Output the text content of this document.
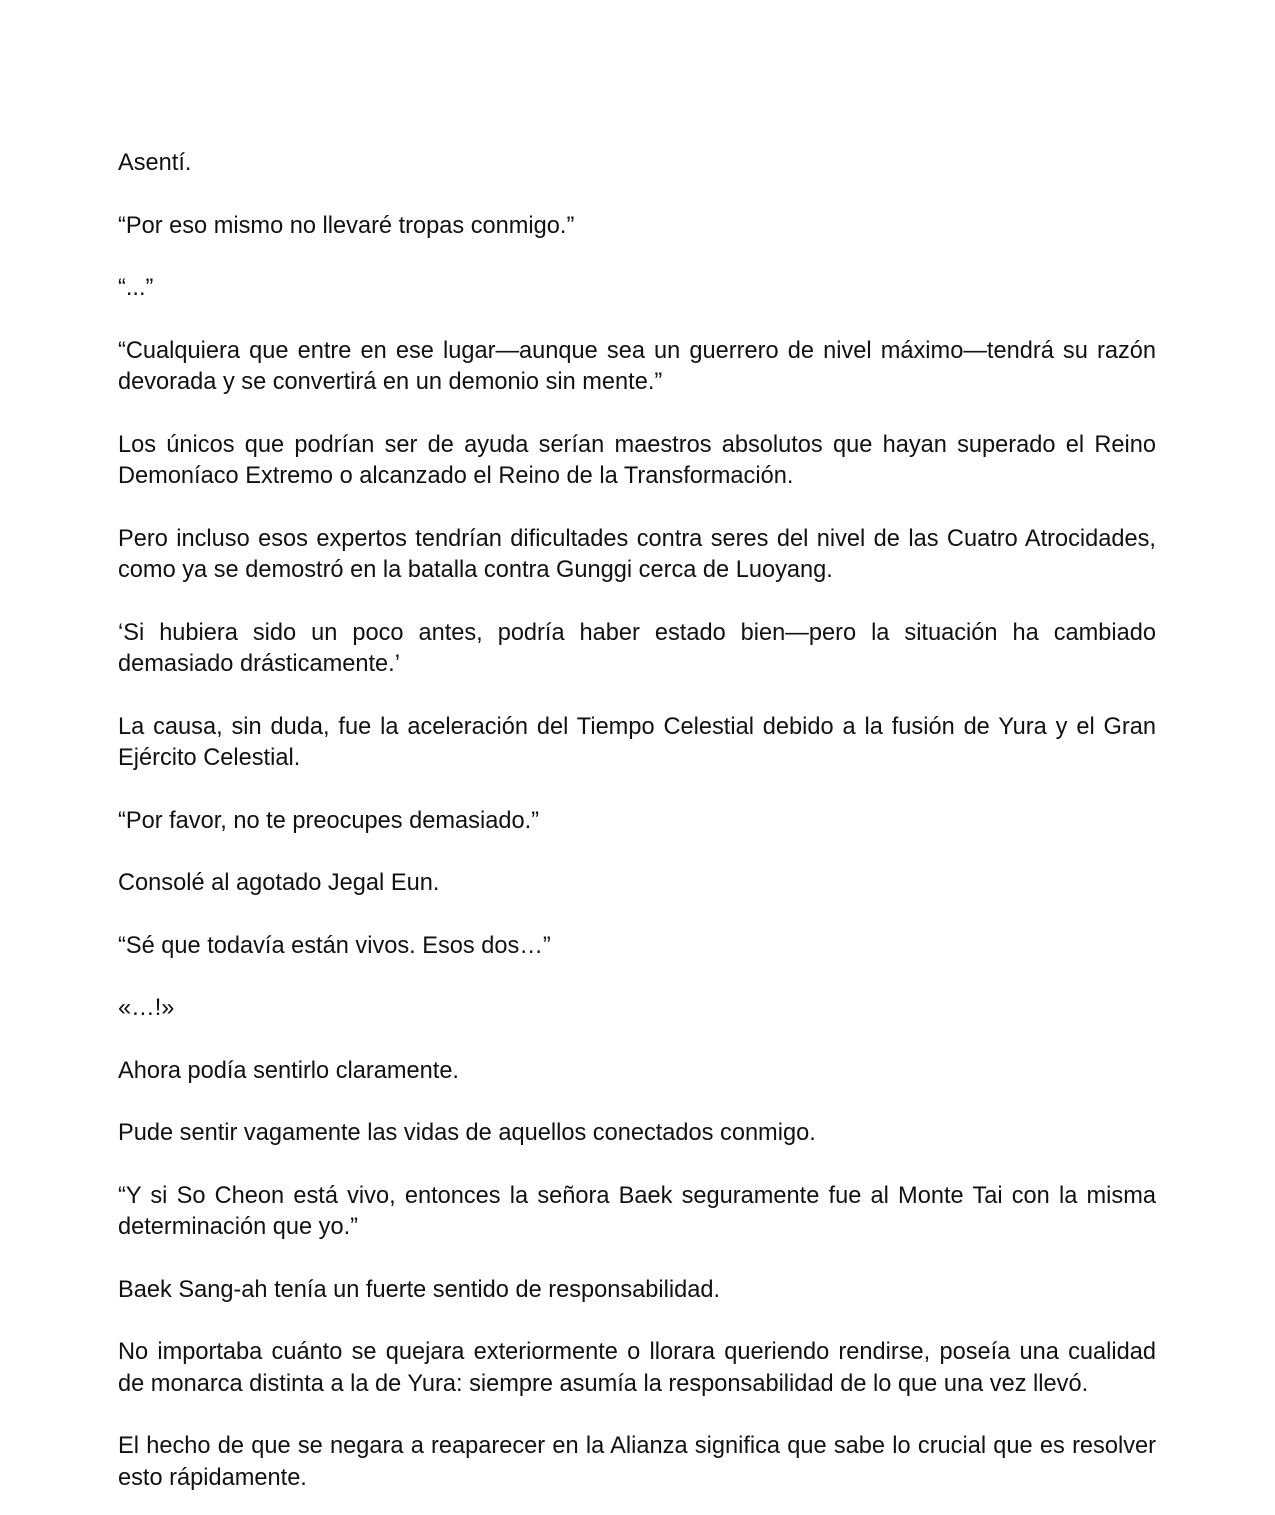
Asentí.

“Por eso mismo no llevaré tropas conmigo.”

“...”

“Cualquiera que entre en ese lugar—aunque sea un guerrero de nivel máximo—tendrá su razón devorada y se convertirá en un demonio sin mente.”

Los únicos que podrían ser de ayuda serían maestros absolutos que hayan superado el Reino Demoníaco Extremo o alcanzado el Reino de la Transformación.

Pero incluso esos expertos tendrían dificultades contra seres del nivel de las Cuatro Atrocidades, como ya se demostró en la batalla contra Gunggi cerca de Luoyang.

‘Si hubiera sido un poco antes, podría haber estado bien—pero la situación ha cambiado demasiado drásticamente.’

La causa, sin duda, fue la aceleración del Tiempo Celestial debido a la fusión de Yura y el Gran Ejército Celestial.

“Por favor, no te preocupes demasiado.”

Consolé al agotado Jegal Eun.

“Sé que todavía están vivos. Esos dos…”

«…!»

Ahora podía sentirlo claramente.

Pude sentir vagamente las vidas de aquellos conectados conmigo.

“Y si So Cheon está vivo, entonces la señora Baek seguramente fue al Monte Tai con la misma determinación que yo.”

Baek Sang-ah tenía un fuerte sentido de responsabilidad.

No importaba cuánto se quejara exteriormente o llorara queriendo rendirse, poseía una cualidad de monarca distinta a la de Yura: siempre asumía la responsabilidad de lo que una vez llevó.

El hecho de que se negara a reaparecer en la Alianza significa que sabe lo crucial que es resolver esto rápidamente.
